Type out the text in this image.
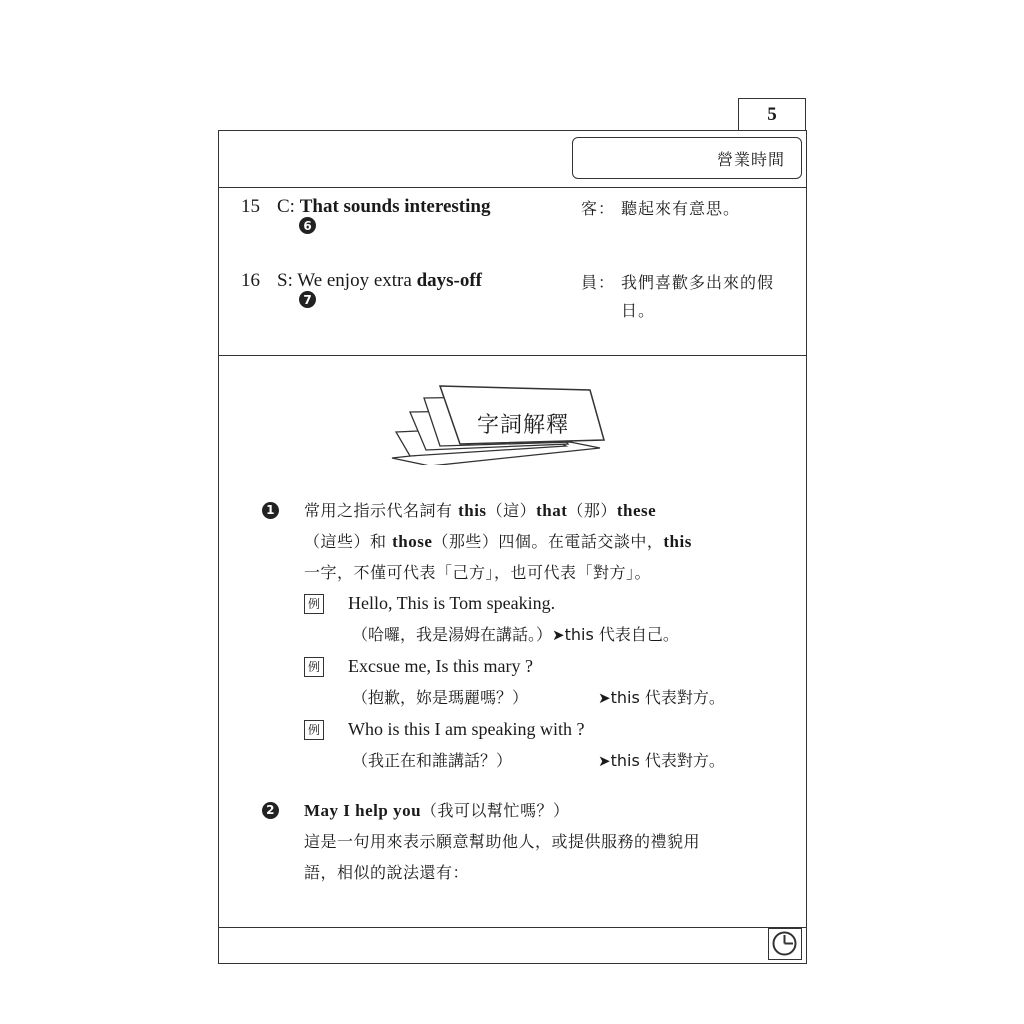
5
營業時間
15 C: That sounds interesting
6
客： 聽起來有意思。
16 S: We enjoy extra days-off
7
員： 我們喜歡多出來的假
日。
字詞解釋
1 常用之指示代名詞有 this（這）that（那）these
（這些）和 those（那些）四個。在電話交談中，this
一字，不僅可代表「己方」，也可代表「對方」。
例 Hello, This is Tom speaking.
（哈囉，我是湯姆在講話。）➤this 代表自己。
例 Excsue me, Is this mary ?
（抱歉，妳是瑪麗嗎？）	➤this 代表對方。
例 Who is this I am speaking with ?
（我正在和誰講話？）	➤this 代表對方。
2 May I help you（我可以幫忙嗎？）
這是一句用來表示願意幫助他人，或提供服務的禮貌用
語，相似的說法還有：
